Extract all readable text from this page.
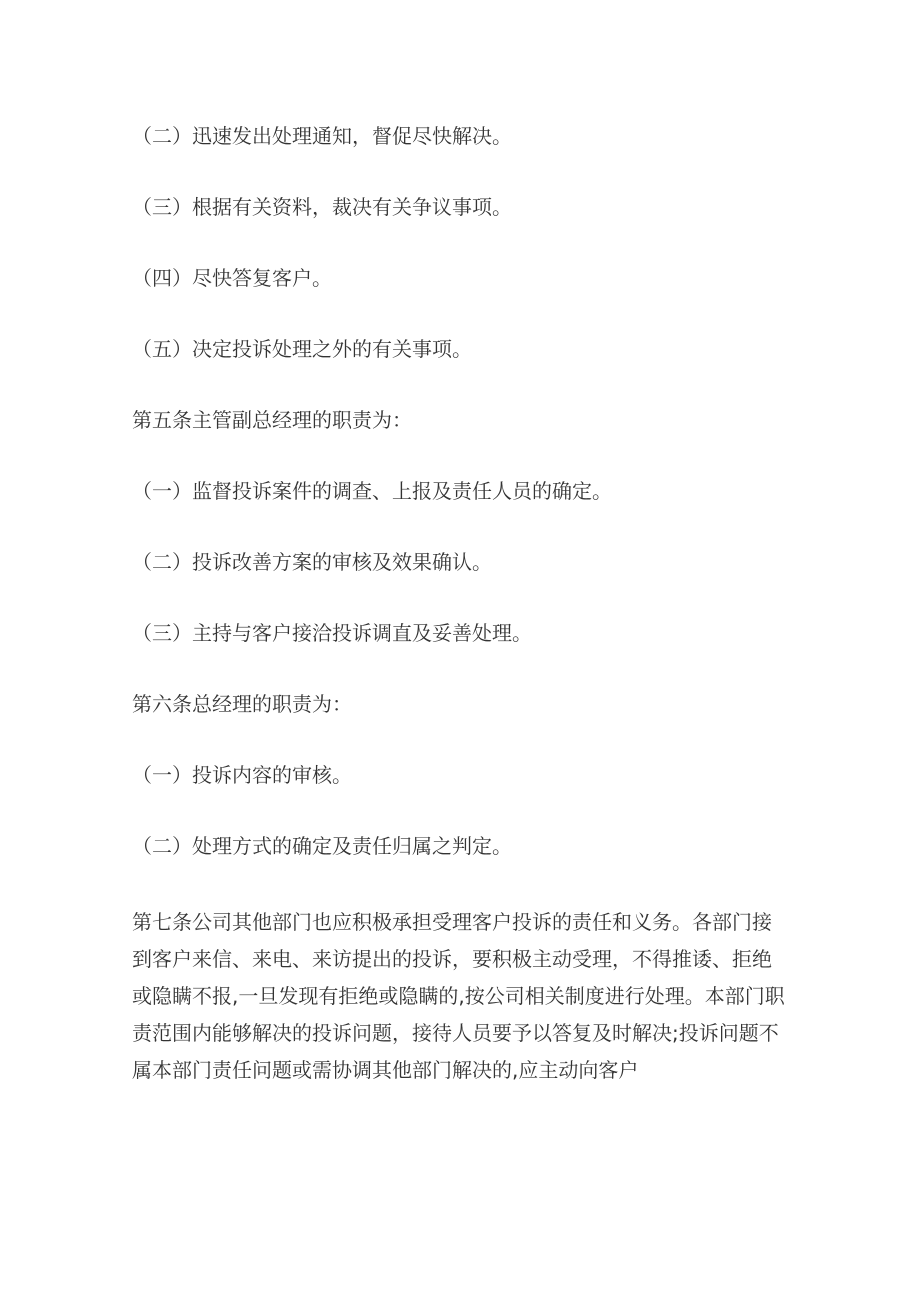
（二）迅速发出处理通知，督促尽快解决。

（三）根据有关资料，裁决有关争议事项。

（四）尽快答复客户。

（五）决定投诉处理之外的有关事项。

第五条主管副总经理的职责为：

（一）监督投诉案件的调查、上报及责任人员的确定。

（二）投诉改善方案的审核及效果确认。

（三）主持与客户接洽投诉调直及妥善处理。

第六条总经理的职责为：

（一）投诉内容的审核。

（二）处理方式的确定及责任归属之判定。

第七条公司其他部门也应积极承担受理客户投诉的责任和义务。各部门接

到客户来信、来电、来访提出的投诉，要积极主动受理，不得推诿、拒绝

或隐瞒不报,一旦发现有拒绝或隐瞒的,按公司相关制度进行处理。本部门职

责范围内能够解决的投诉问题，接待人员要予以答复及时解决;投诉问题不

属本部门责任问题或需协调其他部门解决的,应主动向客户
